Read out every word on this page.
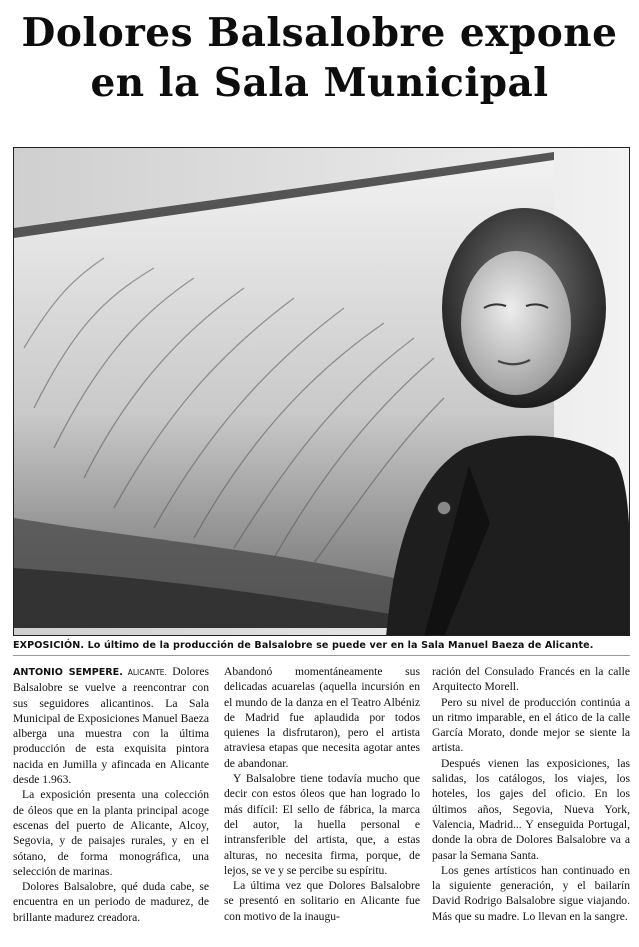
Dolores Balsalobre expone
en la Sala Municipal
EXPOSICIÓN. Lo último de la producción de Balsalobre se puede ver en la Sala Manuel Baeza de Alicante.

ANTONIO SEMPERE. ALICANTE. Dolores Balsalobre se vuelve a reencontrar con sus seguidores alicantinos. La Sala Municipal de Exposiciones Manuel Baeza alberga una muestra con la última producción de esta exquisita pintora nacida en Jumilla y afincada en Alicante desde 1.963.

La exposición presenta una colección de óleos que en la planta principal acoge escenas del puerto de Alicante, Alcoy, Segovia, y de paisajes rurales, y en el sótano, de forma monográfica, una selección de marinas.

Dolores Balsalobre, qué duda cabe, se encuentra en un periodo de madurez, de brillante madurez creadora.

Abandonó momentáneamente sus delicadas acuarelas (aquella incursión en el mundo de la danza en el Teatro Albéniz de Madrid fue aplaudida por todos quienes la disfrutaron), pero el artista atraviesa etapas que necesita agotar antes de abandonar.

Y Balsalobre tiene todavía mucho que decir con estos óleos que han logrado lo más difícil: El sello de fábrica, la marca del autor, la huella personal e intransferible del artista, que, a estas alturas, no necesita firma, porque, de lejos, se ve y se percibe su espíritu.

La última vez que Dolores Balsalobre se presentó en solitario en Alicante fue con motivo de la inaugu-

ración del Consulado Francés en la calle Arquitecto Morell.

Pero su nivel de producción continúa a un ritmo imparable, en el ático de la calle García Morato, donde mejor se siente la artista.

Después vienen las exposiciones, las salidas, los catálogos, los viajes, los hoteles, los gajes del oficio. En los últimos años, Segovia, Nueva York, Valencia, Madrid... Y enseguida Portugal, donde la obra de Dolores Balsalobre va a pasar la Semana Santa.

Los genes artísticos han continuado en la siguiente generación, y el bailarín David Rodrigo Balsalobre sigue viajando. Más que su madre. Lo llevan en la sangre.
